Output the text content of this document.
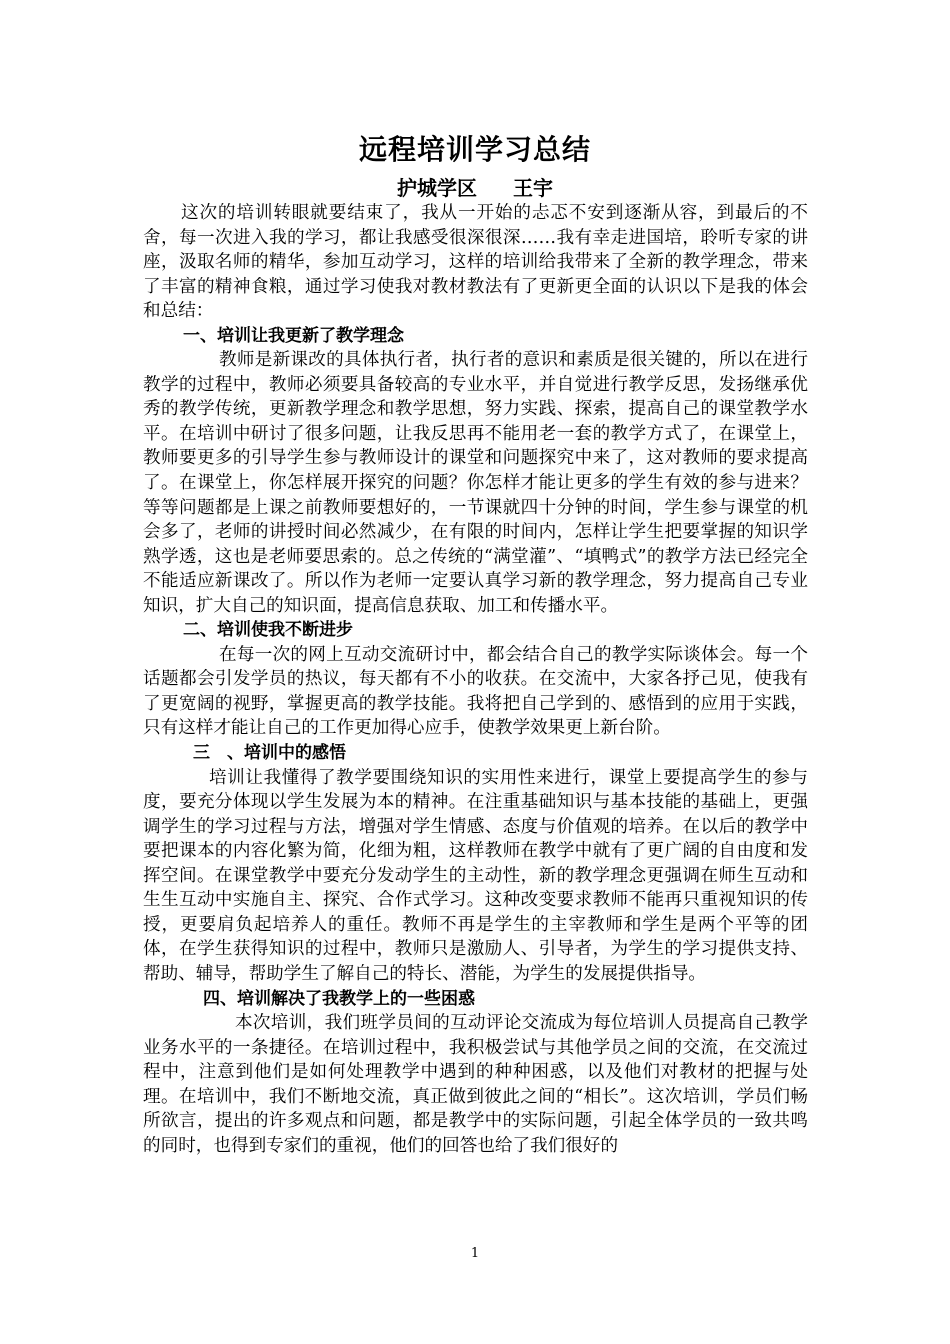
远程培训学习总结
护城学区 王宇

这次的培训转眼就要结束了，我从一开始的忐忑不安到逐渐从容，到最后的不舍，每一次进入我的学习，都让我感受很深很深……我有幸走进国培，聆听专家的讲座，汲取名师的精华，参加互动学习，这样的培训给我带来了全新的教学理念，带来了丰富的精神食粮，通过学习使我对教材教法有了更新更全面的认识以下是我的体会和总结：

一、培训让我更新了教学理念

教师是新课改的具体执行者，执行者的意识和素质是很关键的，所以在进行教学的过程中，教师必须要具备较高的专业水平，并自觉进行教学反思，发扬继承优秀的教学传统，更新教学理念和教学思想，努力实践、探索，提高自己的课堂教学水平。在培训中研讨了很多问题，让我反思再不能用老一套的教学方式了，在课堂上，教师要更多的引导学生参与教师设计的课堂和问题探究中来了，这对教师的要求提高了。在课堂上，你怎样展开探究的问题？你怎样才能让更多的学生有效的参与进来？等等问题都是上课之前教师要想好的，一节课就四十分钟的时间，学生参与课堂的机会多了，老师的讲授时间必然减少，在有限的时间内，怎样让学生把要掌握的知识学熟学透，这也是老师要思索的。总之传统的“满堂灌”、“填鸭式”的教学方法已经完全不能适应新课改了。所以作为老师一定要认真学习新的教学理念，努力提高自己专业知识，扩大自己的知识面，提高信息获取、加工和传播水平。

二、培训使我不断进步

在每一次的网上互动交流研讨中，都会结合自己的教学实际谈体会。每一个话题都会引发学员的热议，每天都有不小的收获。在交流中，大家各抒己见，使我有了更宽阔的视野，掌握更高的教学技能。我将把自己学到的、感悟到的应用于实践，只有这样才能让自己的工作更加得心应手，使教学效果更上新台阶。

三　、培训中的感悟

培训让我懂得了教学要围绕知识的实用性来进行，课堂上要提高学生的参与度，要充分体现以学生发展为本的精神。在注重基础知识与基本技能的基础上，更强调学生的学习过程与方法，增强对学生情感、态度与价值观的培养。在以后的教学中要把课本的内容化繁为简，化细为粗，这样教师在教学中就有了更广阔的自由度和发挥空间。在课堂教学中要充分发动学生的主动性，新的教学理念更强调在师生互动和生生互动中实施自主、探究、合作式学习。这种改变要求教师不能再只重视知识的传授，更要肩负起培养人的重任。教师不再是学生的主宰教师和学生是两个平等的团体，在学生获得知识的过程中，教师只是激励人、引导者，为学生的学习提供支持、帮助、辅导，帮助学生了解自己的特长、潜能，为学生的发展提供指导。

四、培训解决了我教学上的一些困惑

本次培训，我们班学员间的互动评论交流成为每位培训人员提高自己教学业务水平的一条捷径。在培训过程中，我积极尝试与其他学员之间的交流，在交流过程中，注意到他们是如何处理教学中遇到的种种困惑，以及他们对教材的把握与处理。在培训中，我们不断地交流，真正做到彼此之间的“相长”。这次培训，学员们畅所欲言，提出的许多观点和问题，都是教学中的实际问题，引起全体学员的一致共鸣的同时，也得到专家们的重视，他们的回答也给了我们很好的

1
